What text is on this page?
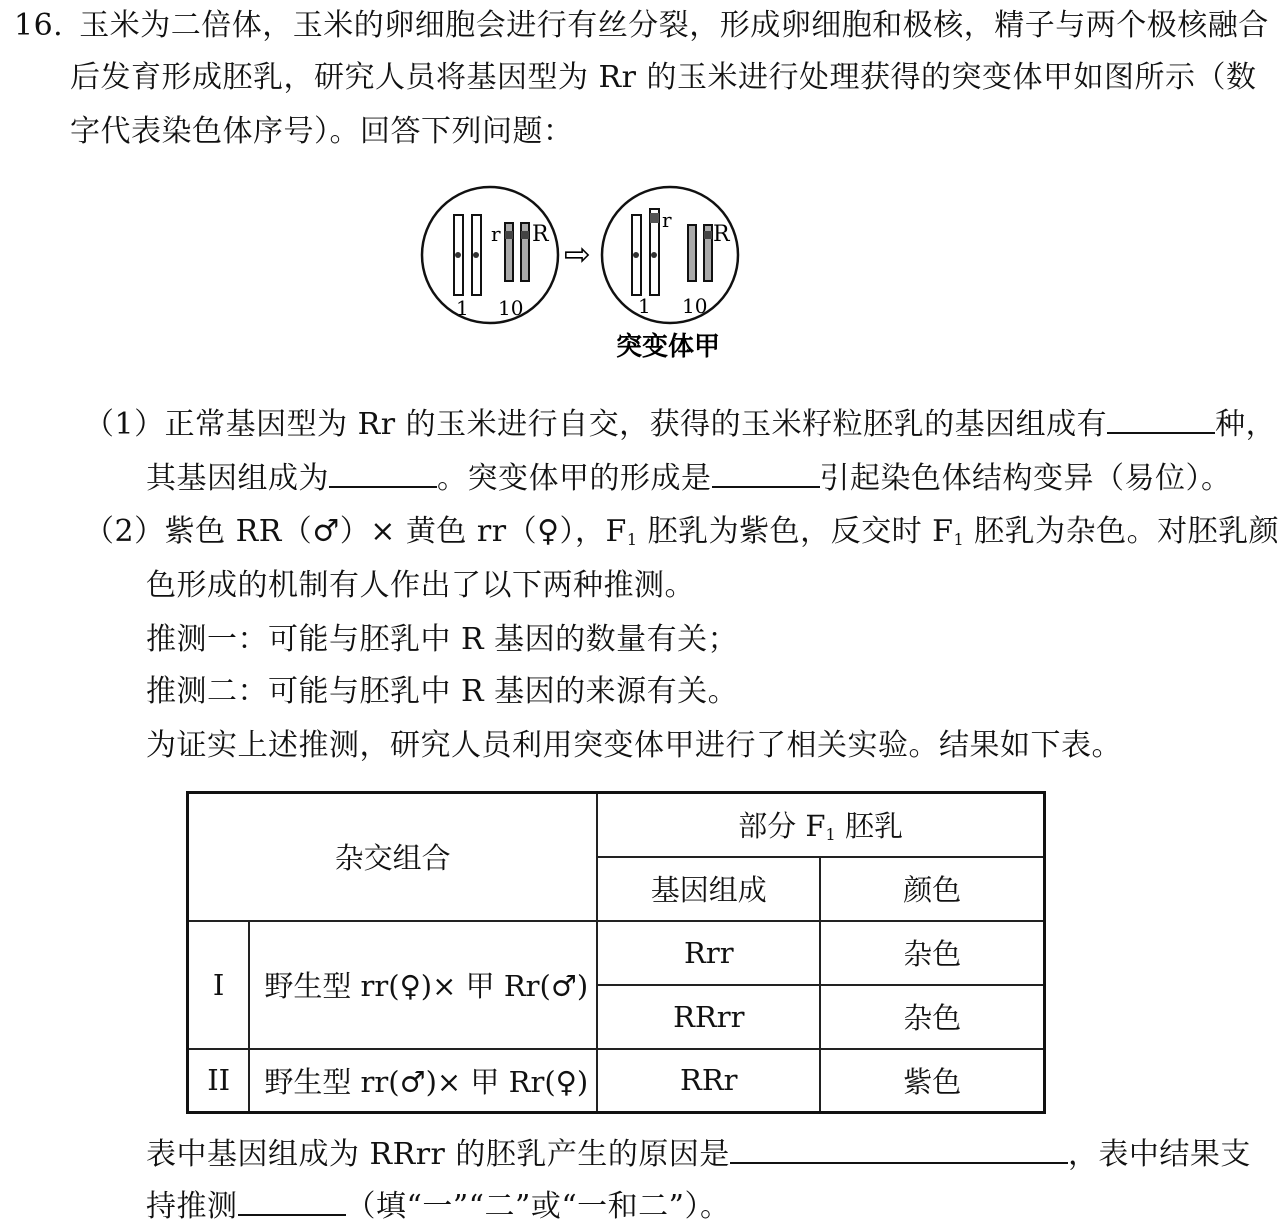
16. 玉米为二倍体，玉米的卵细胞会进行有丝分裂，形成卵细胞和极核，精子与两个极核融合
后发育形成胚乳，研究人员将基因型为 Rr 的玉米进行处理获得的突变体甲如图所示（数
字代表染色体序号）。回答下列问题：
r R
1 10
⇨
r
R
1 10
突变体甲
（1）正常基因型为 Rr 的玉米进行自交，获得的玉米籽粒胚乳的基因组成有	种，
其基因组成为	。突变体甲的形成是	引起染色体结构变异（易位）。
（2）紫色 RR（♂）× 黄色 rr（♀），$F_1$ 胚乳为紫色，反交时 $F_1$ 胚乳为杂色。对胚乳颜
色形成的机制有人作出了以下两种推测。
推测一：可能与胚乳中 R 基因的数量有关；
推测二：可能与胚乳中 R 基因的来源有关。
为证实上述推测，研究人员利用突变体甲进行了相关实验。结果如下表。
杂交组合		部分 $F_1$ 胚乳	
		基因组成	颜色
I	野生型 rr(♀)× 甲 Rr(♂)	Rrr	杂色
		RRrr	杂色
II	野生型 rr(♂)× 甲 Rr(♀)	RRr	紫色
表中基因组成为 RRrr 的胚乳产生的原因是	，表中结果支
持推测	（填“一”“二”或“一和二”）。
